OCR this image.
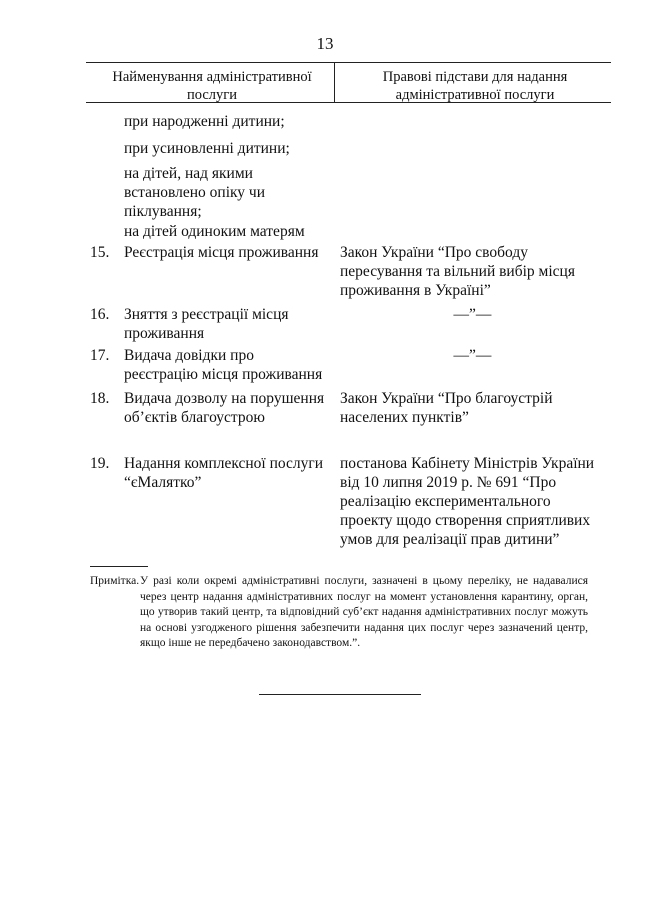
13
Найменування адміністративної послуги
Правові підстави для надання адміністративної послуги
при народженні дитини;
при усиновленні дитини;
на дітей, над якими встановлено опіку чи піклування;
на дітей одиноким матерям
15. Реєстрація місця проживання	Закон України “Про свободу пересування та вільний вибір місця проживання в Україні”
16. Зняття з реєстрації місця проживання
—”—
17. Видача довідки про реєстрацію місця проживання
—”—
18. Видача дозволу на порушення об’єктів благоустрою
Закон України “Про благоустрій населених пунктів”
19. Надання комплексної послуги “єМалятко”
постанова Кабінету Міністрів України від 10 липня 2019 р. № 691 “Про реалізацію експериментального проекту щодо створення сприятливих умов для реалізації прав дитини”
Примітка. У разі коли окремі адміністративні послуги, зазначені в цьому переліку, не надавалися через центр надання адміністративних послуг на момент установлення карантину, орган, що утворив такий центр, та відповідний суб’єкт надання адміністративних послуг можуть на основі узгодженого рішення забезпечити надання цих послуг через зазначений центр, якщо інше не передбачено законодавством.”.
